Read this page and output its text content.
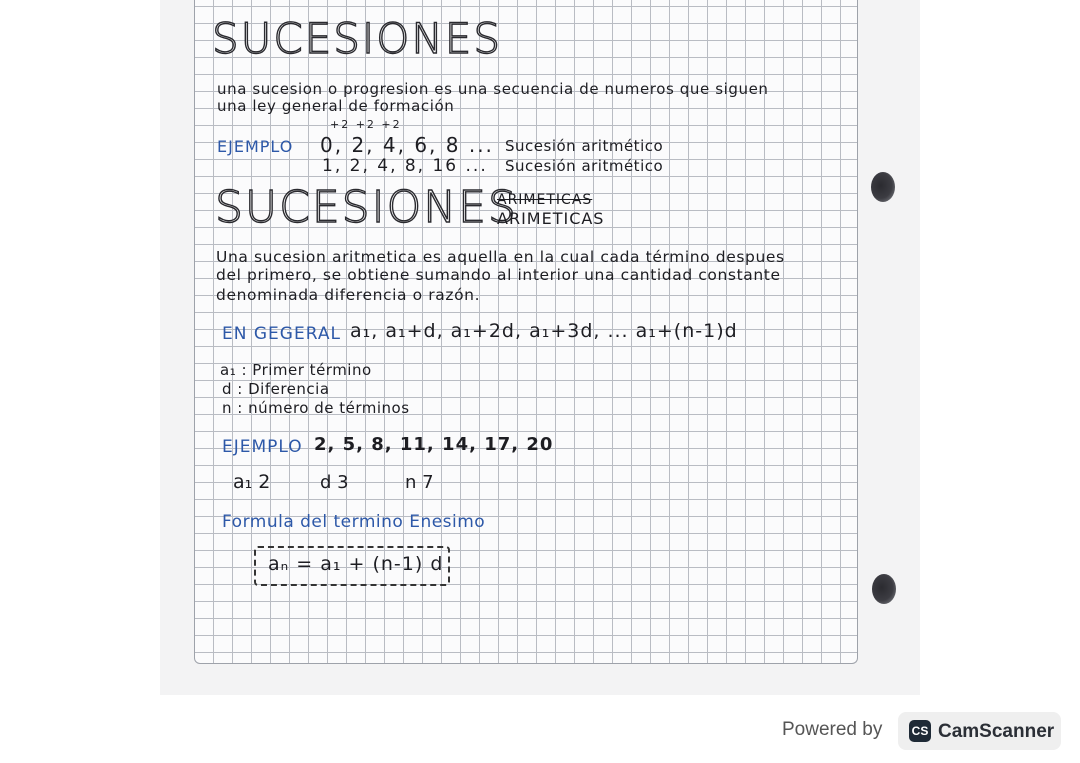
SUCESIONES
una sucesion o progresion es una secuencia de numeros que siguen
una ley general de formación
EJEMPLO
+2 +2 +2
0, 2, 4, 6, 8 ... Sucesión aritmético
1, 2, 4, 8, 16 ... Sucesión aritmético
SUCESIONES
ARIMETICAS
ARIMETICAS
Una sucesion aritmetica es aquella en la cual cada término despues
del primero, se obtiene sumando al interior una cantidad constante
denominada diferencia o razón.
EN GEGERAL a₁, a₁+d, a₁+2d, a₁+3d, ... a₁+(n-1)d
a₁ : Primer término
d : Diferencia
n : número de términos
EJEMPLO 2, 5, 8, 11, 14, 17, 20
a₁ 2	d 3	n 7
Formula del termino Enesimo
aₙ = a₁ + (n-1) d
Powered by CS CamScanner
